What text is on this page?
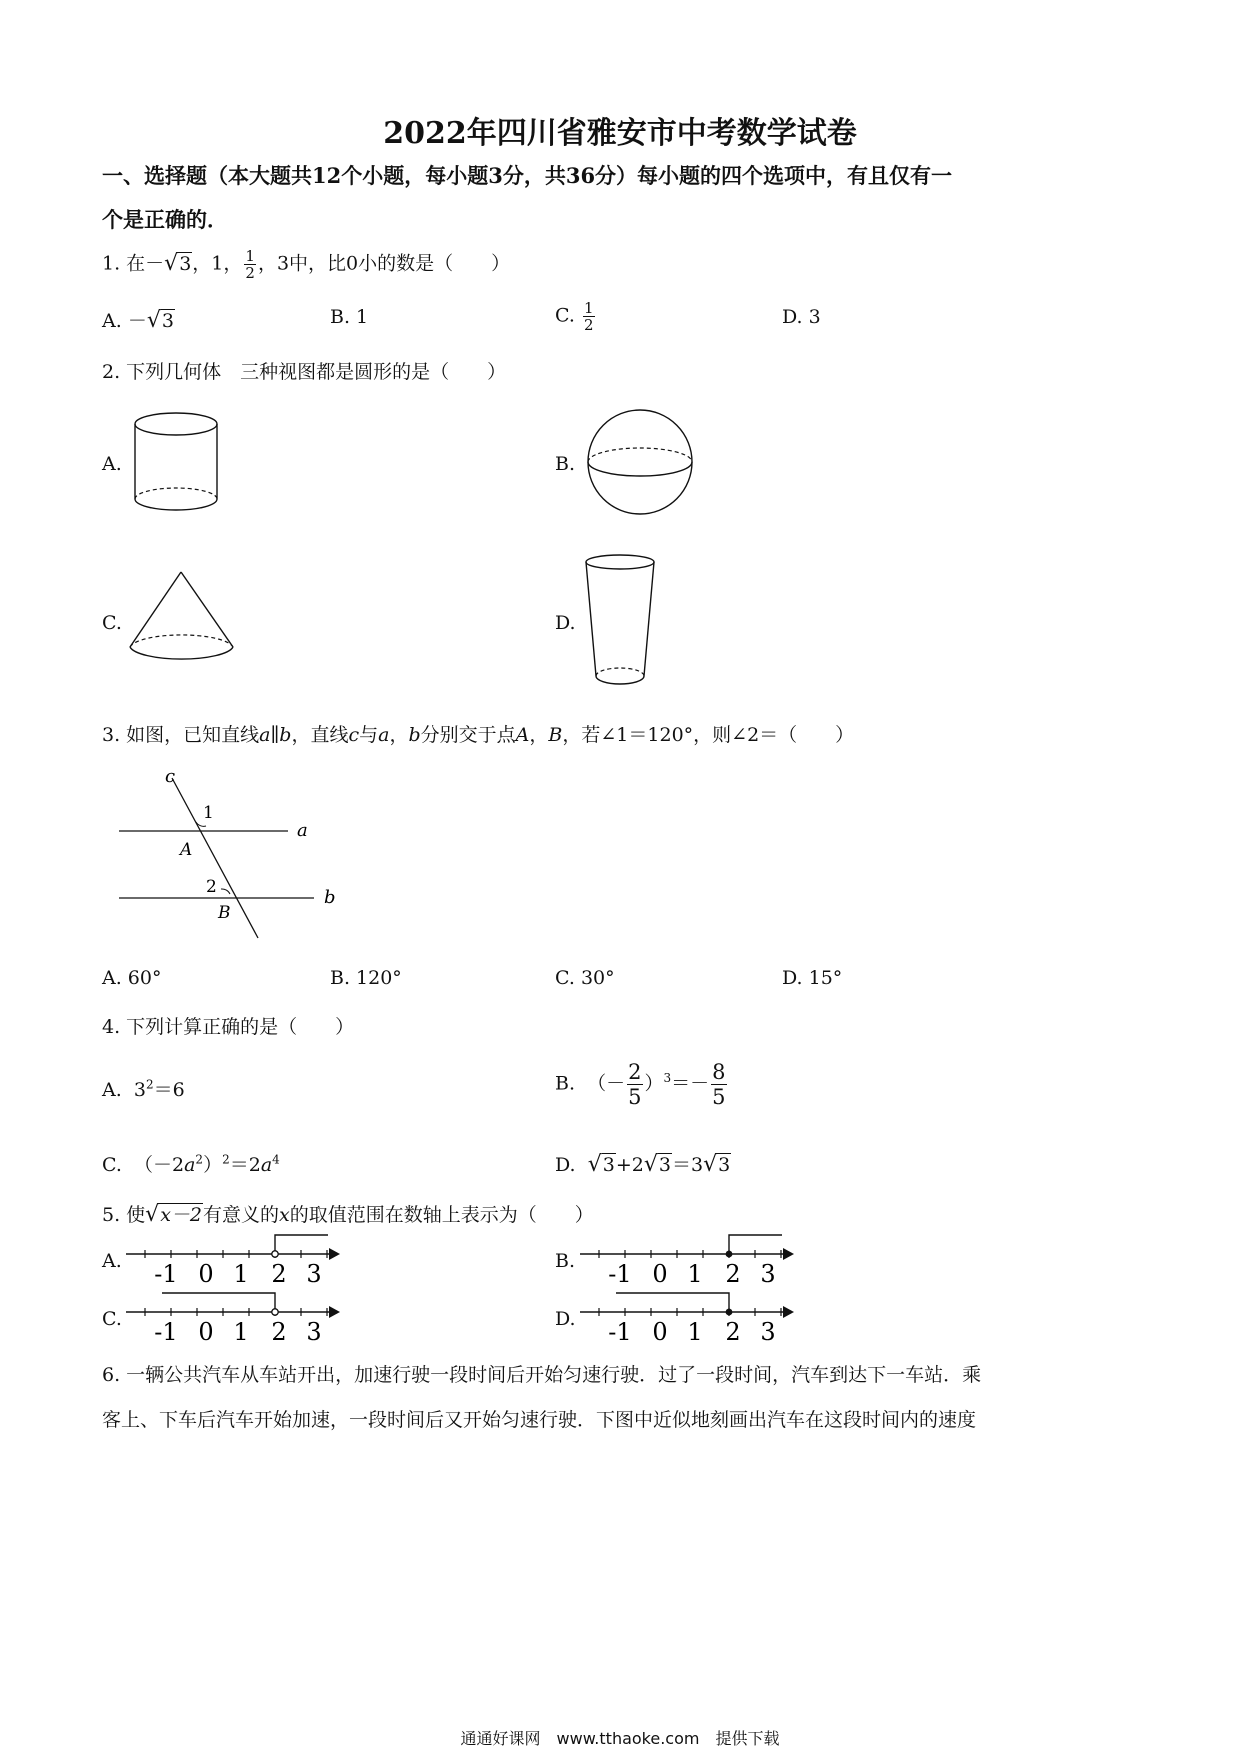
2022年四川省雅安市中考数学试卷
一、选择题（本大题共12个小题，每小题3分，共36分）每小题的四个选项中，有且仅有一
个是正确的．
1. 在－√3，1， $\frac{1}{2}$ ，3中，比0小的数是（　　）
A. －√3	B. 1	C. $\frac{1}{2}$	D. 3
2. 下列几何体　三种视图都是圆形的是（　　）
A.	B.
C.	D.
3. 如图，已知直线a∥b，直线c与a，b分别交于点A，B，若∠1＝120°，则∠2＝（　　）
c
1
a
A
2	b
B
A. 60°	B. 120°	C. 30°	D. 15°
4. 下列计算正确的是（　　）
A. $3^2=6$	B. （－ $\frac{2}{5} )^3=- \frac{8}{5}$
C. $(-2a^2)^2=2a^4$	D. √3+2√3＝3√3
5. 使√x－2有意义的x的取值范围在数轴上表示为（　　）
A.	B.
C.	D.
-1 0 1 2 3	-1 0 1 2 3
-1 0 1 2 3	-1 0 1 2 3
6. 一辆公共汽车从车站开出，加速行驶一段时间后开始匀速行驶．过了一段时间，汽车到达下一车站．乘
客上、下车后汽车开始加速，一段时间后又开始匀速行驶．下图中近似地刻画出汽车在这段时间内的速度
通通好课网　www.tthaoke.com　提供下载
